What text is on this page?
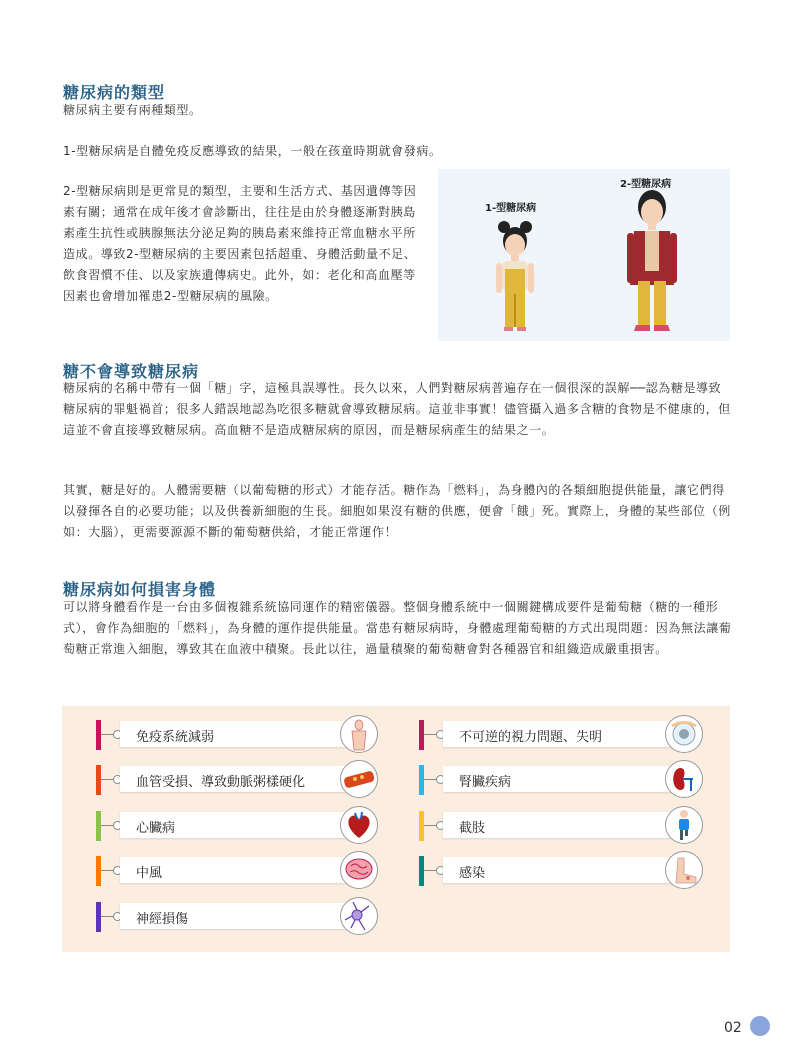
糖尿病的類型

糖尿病主要有兩種類型。

1-型糖尿病是自體免疫反應導致的結果，一般在孩童時期就會發病。

2-型糖尿病則是更常見的類型，主要和生活方式、基因遺傳等因素有關；通常在成年後才會診斷出，往往是由於身體逐漸對胰島素產生抗性或胰腺無法分泌足夠的胰島素來維持正常血糖水平所造成。導致2-型糖尿病的主要因素包括超重、身體活動量不足、飲食習慣不佳、以及家族遺傳病史。此外，如：老化和高血壓等因素也會增加罹患2-型糖尿病的風險。

1-型糖尿病
2-型糖尿病
糖不會導致糖尿病

糖尿病的名稱中帶有一個「糖」字，這極具誤導性。長久以來，人們對糖尿病普遍存在一個很深的誤解──認為糖是導致糖尿病的罪魁禍首；很多人錯誤地認為吃很多糖就會導致糖尿病。這並非事實！儘管攝入過多含糖的食物是不健康的，但這並不會直接導致糖尿病。高血糖不是造成糖尿病的原因，而是糖尿病產生的結果之一。

其實，糖是好的。人體需要糖（以葡萄糖的形式）才能存活。糖作為「燃料」，為身體內的各類細胞提供能量，讓它們得以發揮各自的必要功能；以及供養新細胞的生長。細胞如果沒有糖的供應，便會「餓」死。實際上，身體的某些部位（例如：大腦），更需要源源不斷的葡萄糖供給，才能正常運作！

糖尿病如何損害身體

可以將身體看作是一台由多個複雜系統協同運作的精密儀器。整個身體系統中一個關鍵構成要件是葡萄糖（糖的一種形式），會作為細胞的「燃料」，為身體的運作提供能量。當患有糖尿病時，身體處理葡萄糖的方式出現問題：因為無法讓葡萄糖正常進入細胞，導致其在血液中積聚。長此以往，過量積聚的葡萄糖會對各種器官和組織造成嚴重損害。

免疫系統減弱
血管受損、導致動脈粥樣硬化
心臟病
中風
神經損傷
不可逆的視力問題、失明
腎臟疾病
截肢
感染
02
